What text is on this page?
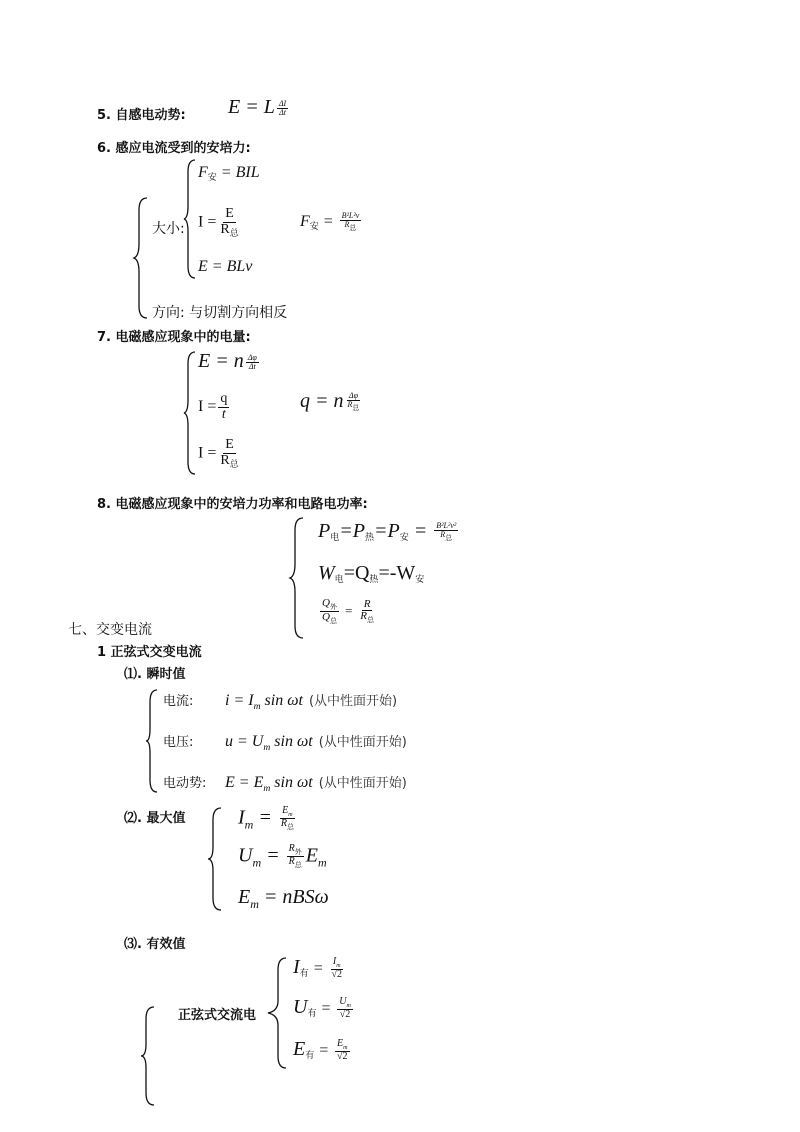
5. 自感电动势: E = L $\frac{\Delta I}{\Delta t}$
6. 感应电流受到的安培力:
大小:
F安 = BIL
$I = \frac{E}{R_总}$
E = BLv
F安 = $\frac{\text{B²L²v}}{\text{R总}}$
方向: 与切割方向相反
7. 电磁感应现象中的电量:
E = n $\frac{\Delta\varphi}{\Delta t}$
$I = \frac{q}{t}$
$I = \frac{E}{R_总}$
q = n $\frac{\Delta\varphi}{\text{R总}}$
8. 电磁感应现象中的安培力功率和电路电功率:
P电=P热=P安 = $\frac{\text{B²L²v²}}{\text{R总}}$
W电=Q热=-W安
$\frac{Q_外}{Q_总} = \frac{R}{R_总}$
七、交变电流
1 正弦式交变电流
⑴. 瞬时值
电流: $i = I_m$ sin ωt (从中性面开始)
电压: $u = U_m$ sin ωt (从中性面开始)
电动势: $E = E_m$ sin ωt (从中性面开始)
⑵. 最大值	$I_m = \frac{E_m}{R_总}$
$U_m = \frac{R_外}{R_总} E_m$
$E_m = nBS\omega$
⑶. 有效值
正弦式交流电
I有 = $\frac{I_m}{√2}$
U有 = $\frac{U_m}{√2}$
E有 = $\frac{E_m}{√2}$
